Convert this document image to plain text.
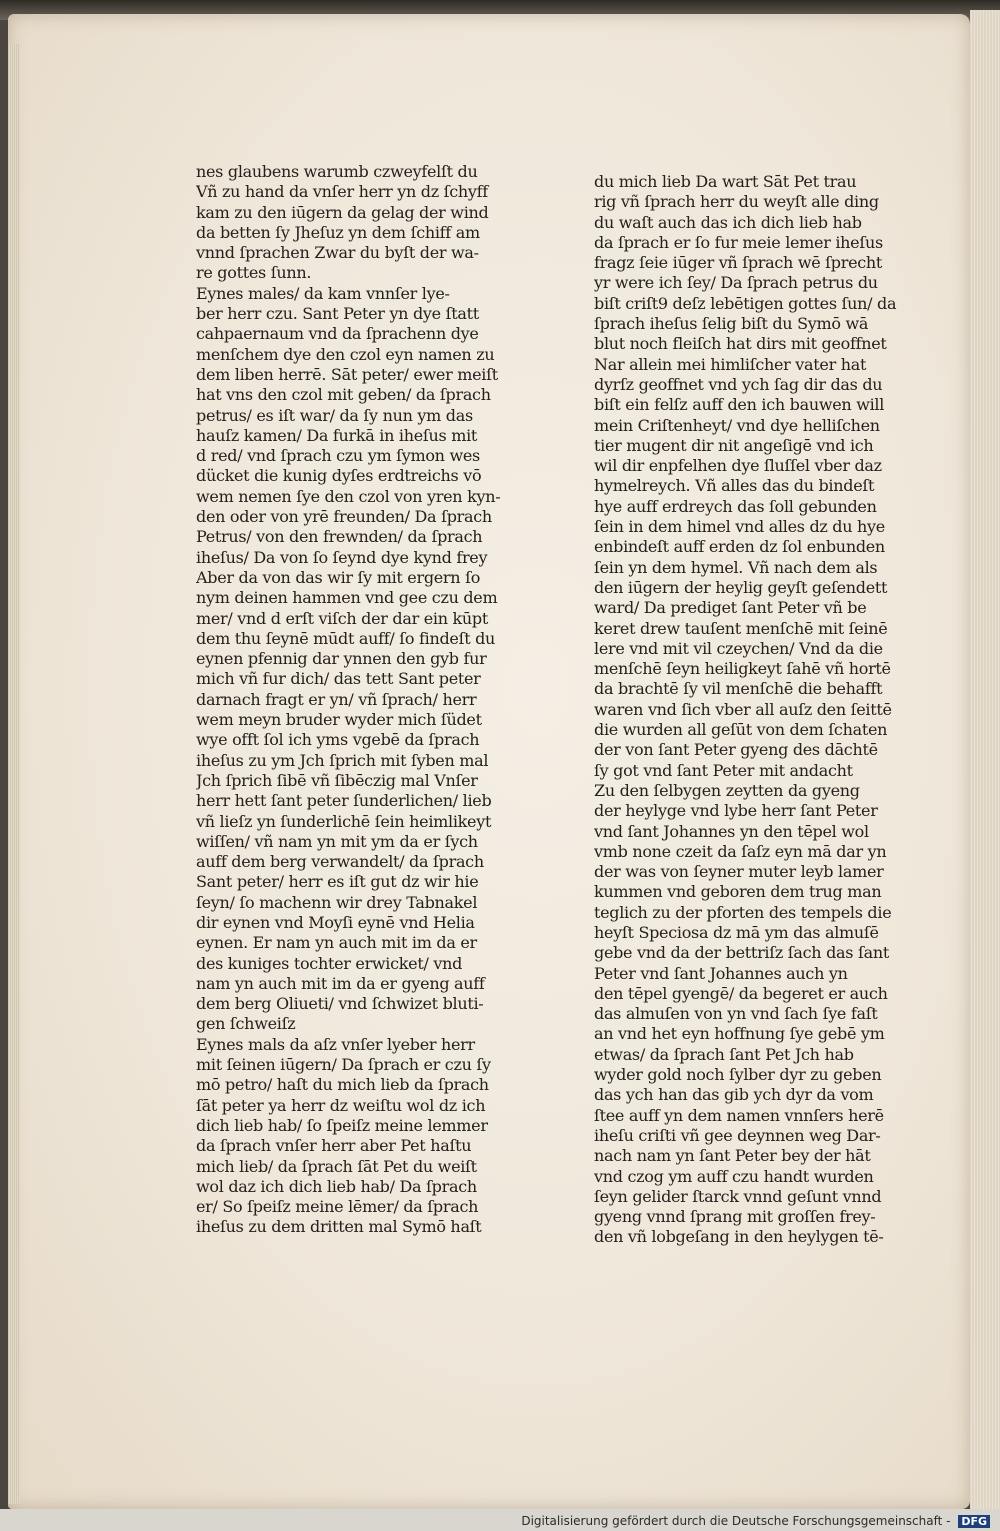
nes glaubens warumb czweyfelſt du
Vñ zu hand da vnſer herr yn dz ſchyff
kam zu den iūgern da gelag der wind
da betten ſy Jheſuz yn dem ſchiff am
vnnd ſprachen Zwar du byſt der wa-
re gottes ſunn.
Eynes males/ da kam vnnſer lye-
ber herr czu. Sant Peter yn dye ſtatt
cahpaernaum vnd da ſprachenn dye
menſchem dye den czol eyn namen zu
dem liben herrē. Sāt peter/ ewer meiſt
hat vns den czol mit geben/ da ſprach
petrus/ es iſt war/ da ſy nun ym das
hauſz kamen/ Da furkā in iheſus mit
d red/ vnd ſprach czu ym ſymon wes
dücket die kunig dyſes erdtreichs vō
wem nemen ſye den czol von yren kyn-
den oder von yrē freunden/ Da ſprach
Petrus/ von den frewnden/ da ſprach
iheſus/ Da von ſo ſeynd dye kynd frey
Aber da von das wir ſy mit ergern ſo
nym deinen hammen vnd gee czu dem
mer/ vnd d erſt viſch der dar ein kūpt
dem thu ſeynē mūdt auff/ ſo findeſt du
eynen pfennig dar ynnen den gyb fur
mich vñ fur dich/ das tett Sant peter
darnach fragt er yn/ vñ ſprach/ herr
wem meyn bruder wyder mich ſüdet
wye offt ſol ich yms vgebē da ſprach
iheſus zu ym Jch ſprich mit ſyben mal
Jch ſprich ſibē vñ ſibēczig mal Vnſer
herr hett ſant peter ſunderlichen/ lieb
vñ lieſz yn ſunderlichē ſein heimlikeyt
wiſſen/ vñ nam yn mit ym da er ſych
auff dem berg verwandelt/ da ſprach
Sant peter/ herr es iſt gut dz wir hie
ſeyn/ ſo machenn wir drey Tabnakel
dir eynen vnd Moyſi eynē vnd Helia
eynen. Er nam yn auch mit im da er
des kuniges tochter erwicket/ vnd
nam yn auch mit im da er gyeng auff
dem berg Oliueti/ vnd ſchwizet bluti-
gen ſchweiſz
Eynes mals da aſz vnſer lyeber herr
mit ſeinen iūgern/ Da ſprach er czu ſy
mō petro/ haſt du mich lieb da ſprach
ſāt peter ya herr dz weiſtu wol dz ich
dich lieb hab/ ſo ſpeiſz meine lemmer
da ſprach vnſer herr aber Pet haſtu
mich lieb/ da ſprach ſāt Pet du weiſt
wol daz ich dich lieb hab/ Da ſprach
er/ So ſpeiſz meine lēmer/ da ſprach
iheſus zu dem dritten mal Symō haſt
du mich lieb Da wart Sāt Pet trau
rig vñ ſprach herr du weyſt alle ding
du waſt auch das ich dich lieb hab
da ſprach er ſo fur meie lemer iheſus
fragz ſeie iūger vñ ſprach wē ſprecht
yr were ich ſey/ Da ſprach petrus du
biſt criſt9 deſz lebētigen gottes ſun/ da
ſprach iheſus ſelig biſt du Symō wā
blut noch fleiſch hat dirs mit geoffnet
Nar allein mei himliſcher vater hat
dyrſz geoffnet vnd ych ſag dir das du
biſt ein felſz auff den ich bauwen will
mein Criſtenheyt/ vnd dye helliſchen
tier mugent dir nit angeſigē vnd ich
wil dir enpfelhen dye ſluſſel vber daz
hymelreych. Vñ alles das du bindeſt
hye auff erdreych das ſoll gebunden
ſein in dem himel vnd alles dz du hye
enbindeſt auff erden dz ſol enbunden
ſein yn dem hymel. Vñ nach dem als
den iūgern der heylig geyſt geſendett
ward/ Da prediget ſant Peter vñ be
keret drew tauſent menſchē mit ſeinē
lere vnd mit vil czeychen/ Vnd da die
menſchē ſeyn heiligkeyt ſahē vñ hortē
da brachtē ſy vil menſchē die behafft
waren vnd ſich vber all auſz den ſeittē
die wurden all geſūt von dem ſchaten
der von ſant Peter gyeng des dāchtē
ſy got vnd ſant Peter mit andacht
Zu den ſelbygen zeytten da gyeng
der heylyge vnd lybe herr ſant Peter
vnd ſant Johannes yn den tēpel wol
vmb none czeit da ſaſz eyn mā dar yn
der was von ſeyner muter leyb lamer
kummen vnd geboren dem trug man
teglich zu der pforten des tempels die
heyſt Speciosa dz mā ym das almuſē
gebe vnd da der bettriſz ſach das ſant
Peter vnd ſant Johannes auch yn
den tēpel gyengē/ da begeret er auch
das almuſen von yn vnd ſach ſye faſt
an vnd het eyn hoffnung ſye gebē ym
etwas/ da ſprach ſant Pet Jch hab
wyder gold noch ſylber dyr zu geben
das ych han das gib ych dyr da vom
ſtee auff yn dem namen vnnſers herē
iheſu criſti vñ gee deynnen weg Dar-
nach nam yn ſant Peter bey der hāt
vnd czog ym auff czu handt wurden
ſeyn gelider ſtarck vnnd geſunt vnnd
gyeng vnnd ſprang mit groſſen frey-
den vñ lobgeſang in den heylygen tē-
Digitalisierung gefördert durch die Deutsche Forschungsgemeinschaft - DFG
